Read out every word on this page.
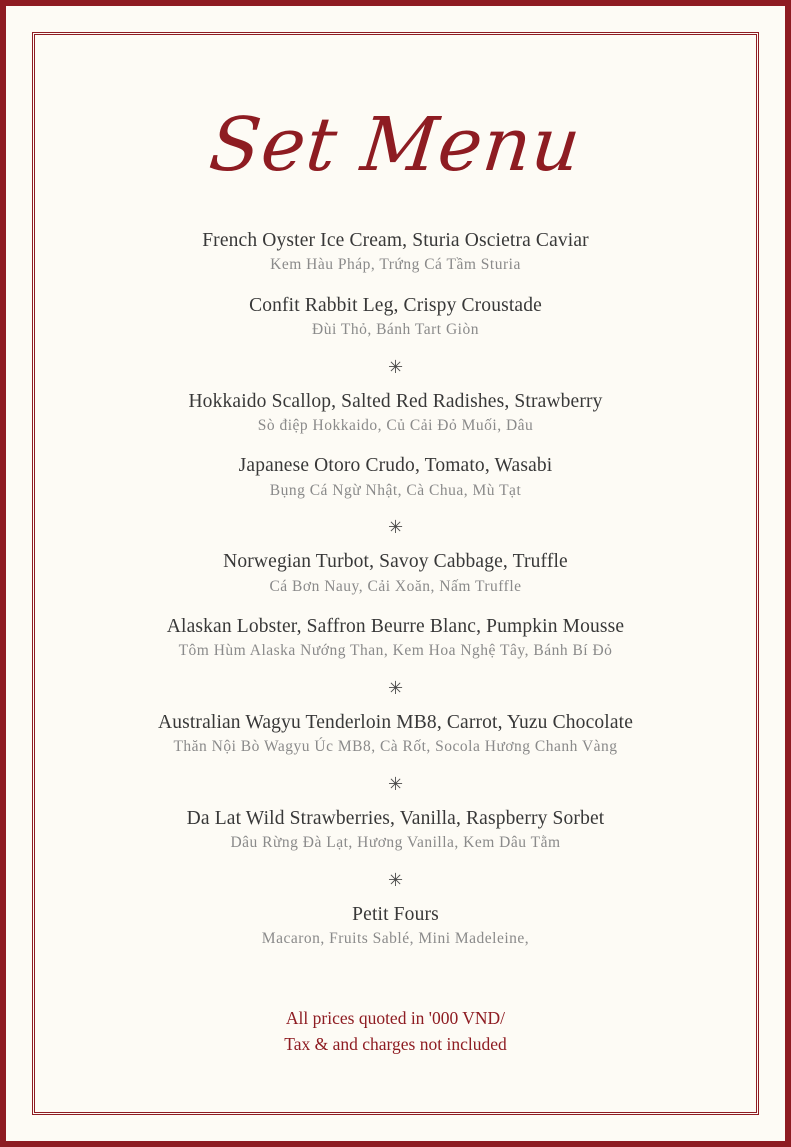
Set Menu
French Oyster Ice Cream, Sturia Oscietra Caviar
Kem Hàu Pháp, Trứng Cá Tầm Sturia
Confit Rabbit Leg, Crispy Croustade
Đùi Thỏ, Bánh Tart Giòn
✳
Hokkaido Scallop, Salted Red Radishes, Strawberry
Sò điệp Hokkaido, Củ Cải Đỏ Muối, Dâu
Japanese Otoro Crudo, Tomato, Wasabi
Bụng Cá Ngừ Nhật, Cà Chua, Mù Tạt
✳
Norwegian Turbot, Savoy Cabbage, Truffle
Cá Bơn Nauy, Cải Xoăn, Nấm Truffle
Alaskan Lobster, Saffron Beurre Blanc, Pumpkin Mousse
Tôm Hùm Alaska Nướng Than, Kem Hoa Nghệ Tây, Bánh Bí Đỏ
✳
Australian Wagyu Tenderloin MB8, Carrot, Yuzu Chocolate
Thăn Nội Bò Wagyu Úc MB8, Cà Rốt, Socola Hương Chanh Vàng
✳
Da Lat Wild Strawberries, Vanilla, Raspberry Sorbet
Dâu Rừng Đà Lạt, Hương Vanilla, Kem Dâu Tằm
✳
Petit Fours
Macaron, Fruits Sablé, Mini Madeleine,
All prices quoted in '000 VND/
Tax & and charges not included
